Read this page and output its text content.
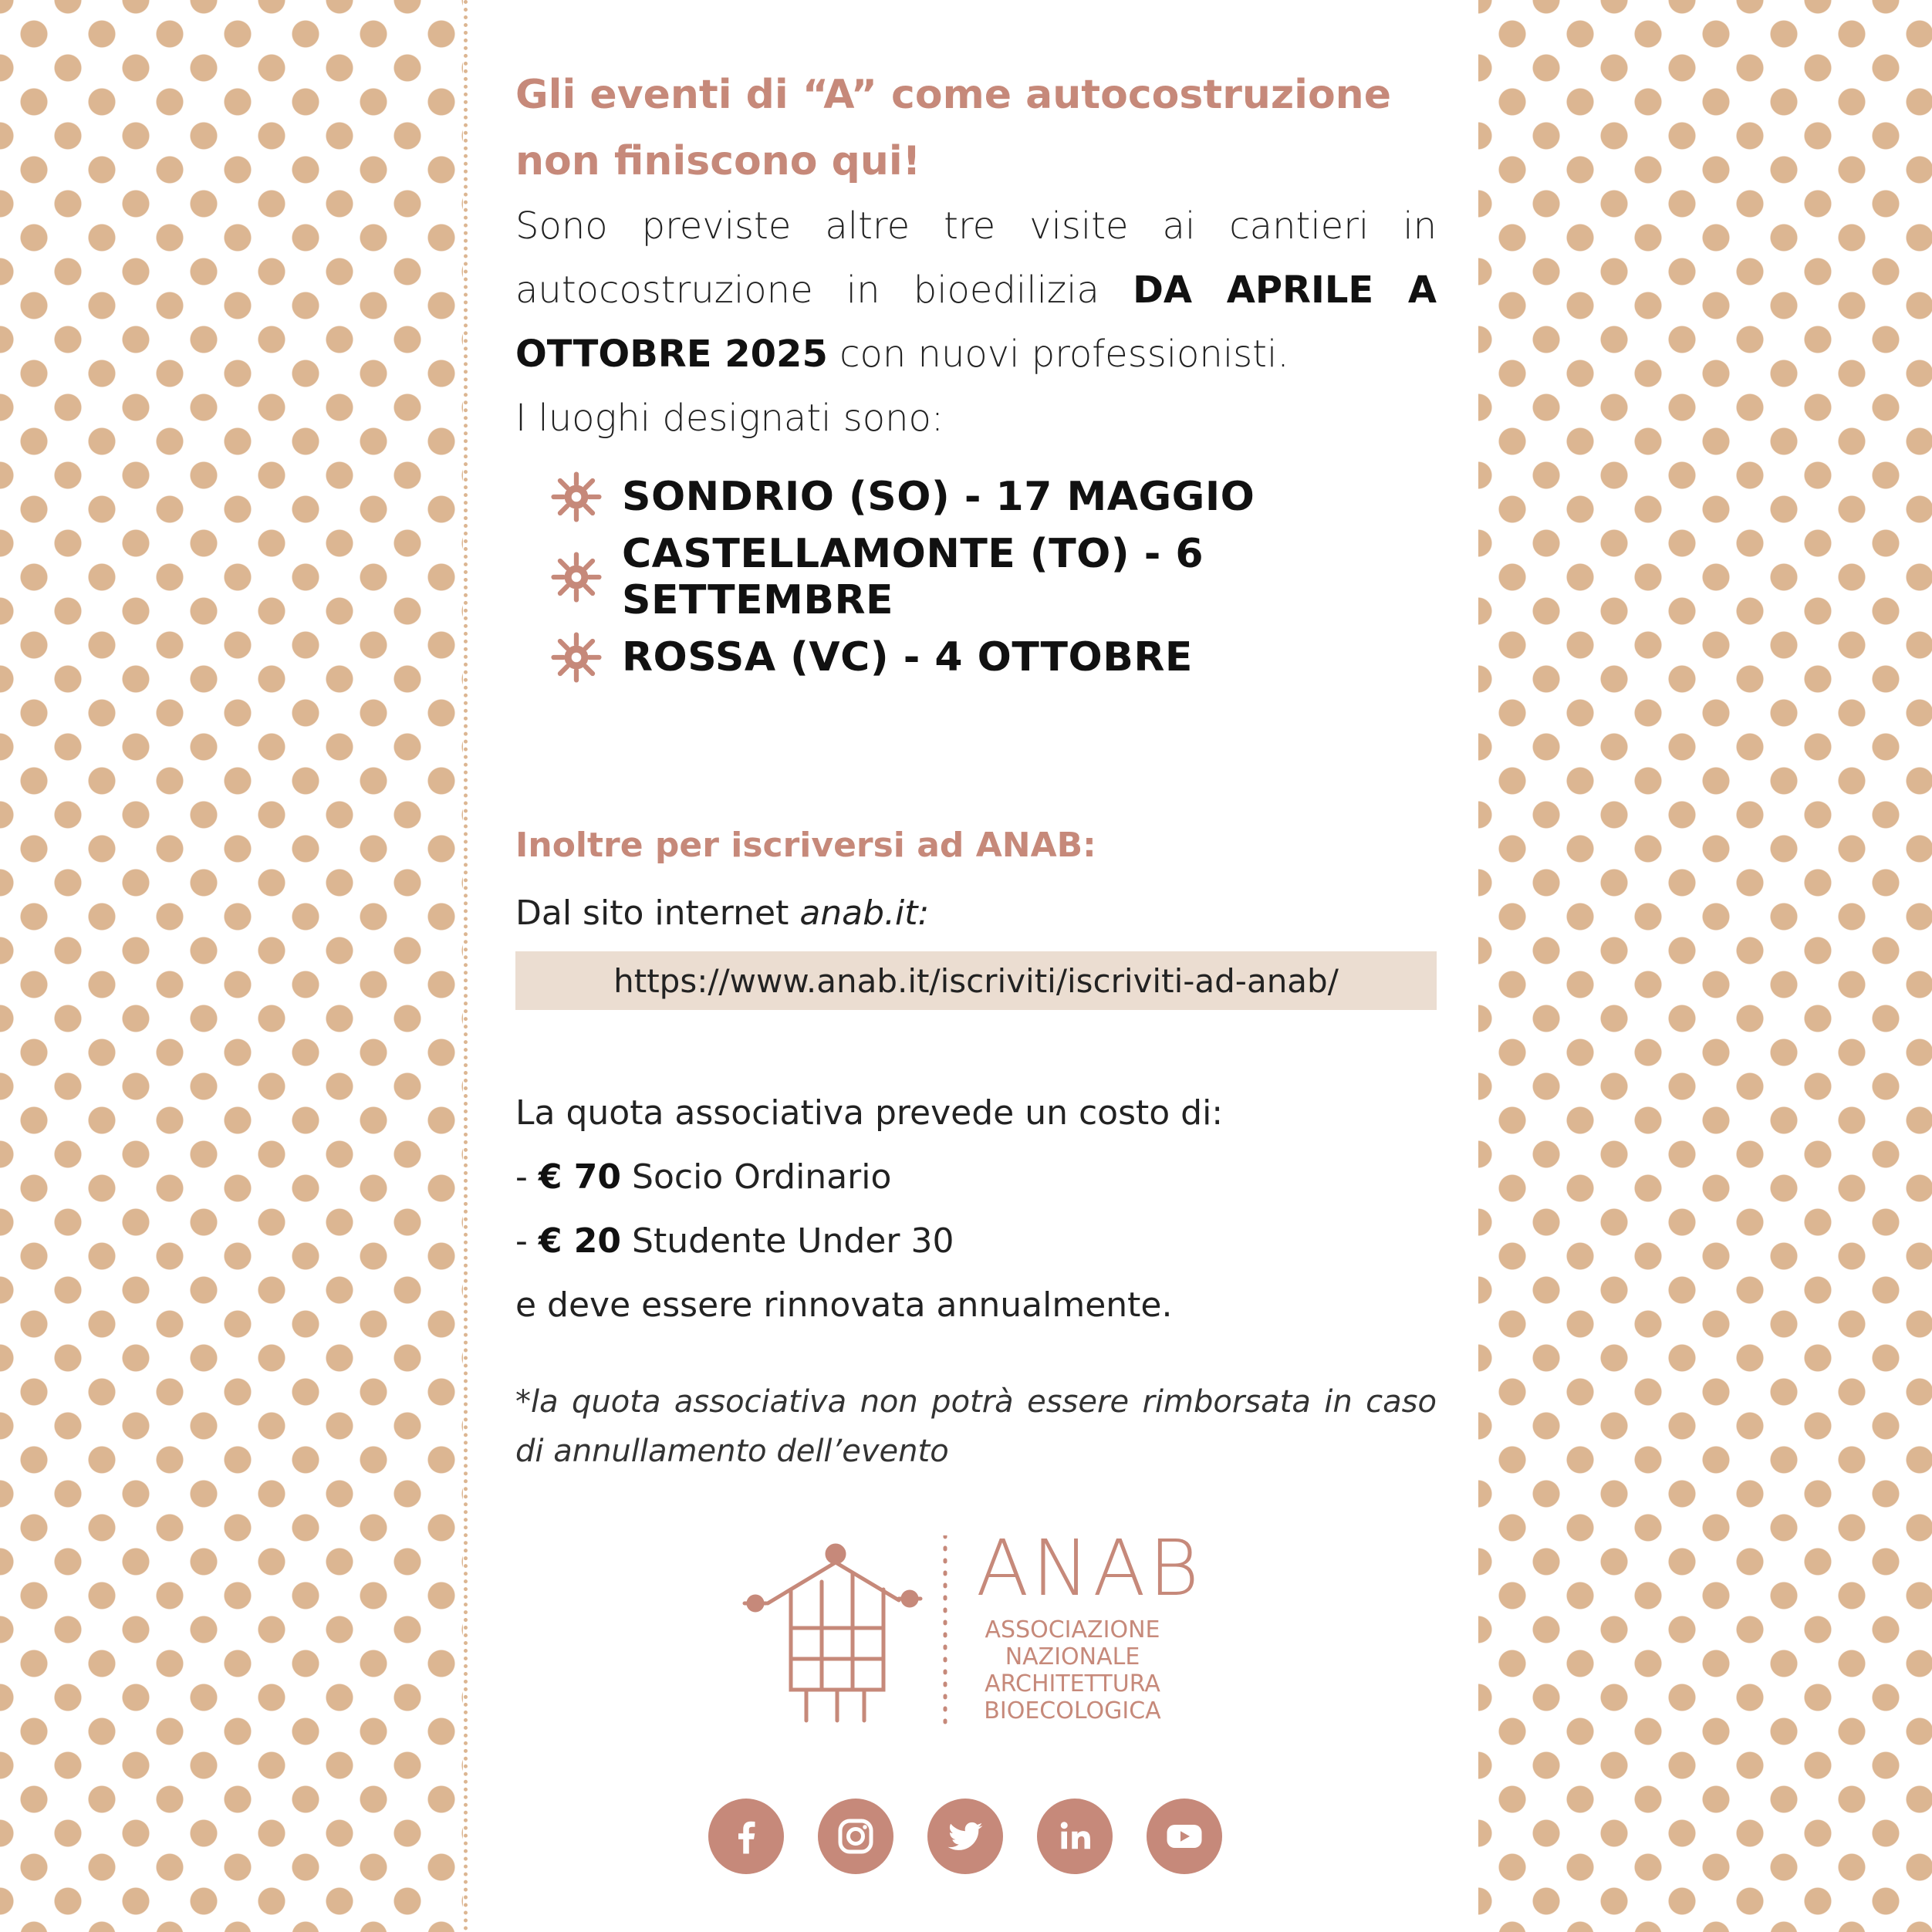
Gli eventi di “A” come autocostruzione
non finiscono qui!

Sono previste altre tre visite ai cantieri in autocostruzione in bioedilizia DA APRILE A OTTOBRE 2025 con nuovi professionisti.

I luoghi designati sono:

SONDRIO (SO) - 17 MAGGIO
CASTELLAMONTE (TO) - 6 SETTEMBRE
ROSSA (VC) - 4 OTTOBRE
Inoltre per iscriversi ad ANAB:

Dal sito internet anab.it:

https://www.anab.it/iscriviti/iscriviti-ad-anab/

La quota associativa prevede un costo di:

- € 70 Socio Ordinario

- € 20 Studente Under 30

e deve essere rinnovata annualmente.

*la quota associativa non potrà essere rimborsata in caso di annullamento dell’evento

ANAB
ASSOCIAZIONE
NAZIONALE
ARCHITETTURA
BIOECOLOGICA
